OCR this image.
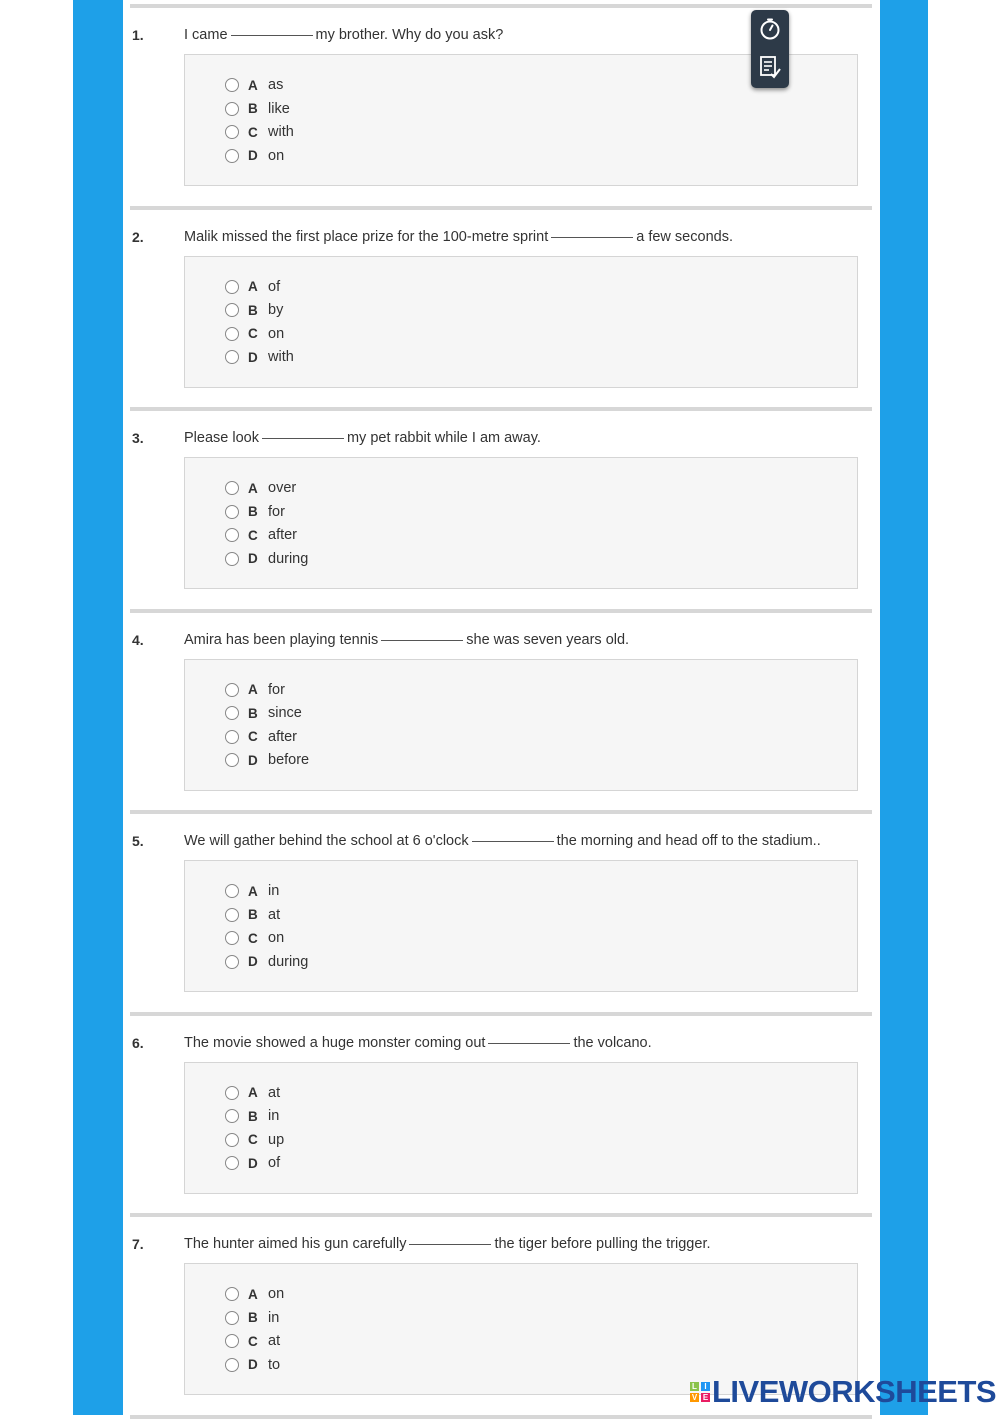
1.	I came	my brother. Why do you ask?
A as
B like
C with
D on
2.	Malik missed the first place prize for the 100-metre sprint	a few seconds.
A of
B by
C on
D with
3.	Please look	my pet rabbit while I am away.
A over
B for
C after
D during
4.	Amira has been playing tennis	she was seven years old.
A for
B since
C after
D before
5.	We will gather behind the school at 6 o'clock	the morning and head off to the stadium..
A in
B at
C on
D during
6.	The movie showed a huge monster coming out	the volcano.
A at
B in
C up
D of
7.	The hunter aimed his gun carefully	the tiger before pulling the trigger.
A on
B in
C at
D to
L I
V E LIVEWORKSHEETS
